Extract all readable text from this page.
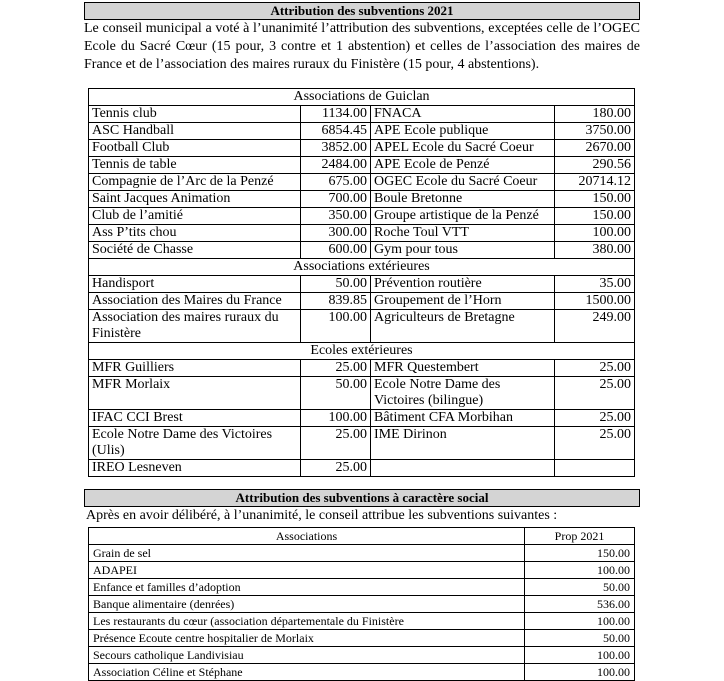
Attribution des subventions 2021
Le conseil municipal a voté à l’unanimité l’attribution des subventions, exceptées celle de l’OGEC Ecole du Sacré Cœur (15 pour, 3 contre et 1 abstention) et celles de l’association des maires de France et de l’association des maires ruraux du Finistère (15 pour, 4 abstentions).
Associations de Guiclan			
Tennis club	1134.00	FNACA	180.00
ASC Handball	6854.45	APE Ecole publique	3750.00
Football Club	3852.00	APEL Ecole du Sacré Coeur	2670.00
Tennis de table	2484.00	APE Ecole de Penzé	290.56
Compagnie de l’Arc de la Penzé	675.00	OGEC Ecole du Sacré Coeur	20714.12
Saint Jacques Animation	700.00	Boule Bretonne	150.00
Club de l’amitié	350.00	Groupe artistique de la Penzé	150.00
Ass P’tits chou	300.00	Roche Toul VTT	100.00
Société de Chasse	600.00	Gym pour tous	380.00
Associations extérieures			
Handisport	50.00	Prévention routière	35.00
Association des Maires du France	839.85	Groupement de l’Horn	1500.00
Association des maires ruraux du Finistère	100.00	Agriculteurs de Bretagne	249.00
Ecoles extérieures			
MFR Guilliers	25.00	MFR Questembert	25.00
MFR Morlaix	50.00	Ecole Notre Dame des Victoires (bilingue)	25.00
IFAC CCI Brest	100.00	Bâtiment CFA Morbihan	25.00
Ecole Notre Dame des Victoires (Ulis)	25.00	IME Dirinon	25.00
IREO Lesneven	25.00		
Attribution des subventions à caractère social
Après en avoir délibéré, à l’unanimité, le conseil attribue les subventions suivantes :
Associations	Prop 2021
Grain de sel	150.00
ADAPEI	100.00
Enfance et familles d’adoption	50.00
Banque alimentaire (denrées)	536.00
Les restaurants du cœur (association départementale du Finistère	100.00
Présence Ecoute centre hospitalier de Morlaix	50.00
Secours catholique Landivisiau	100.00
Association Céline et Stéphane	100.00
